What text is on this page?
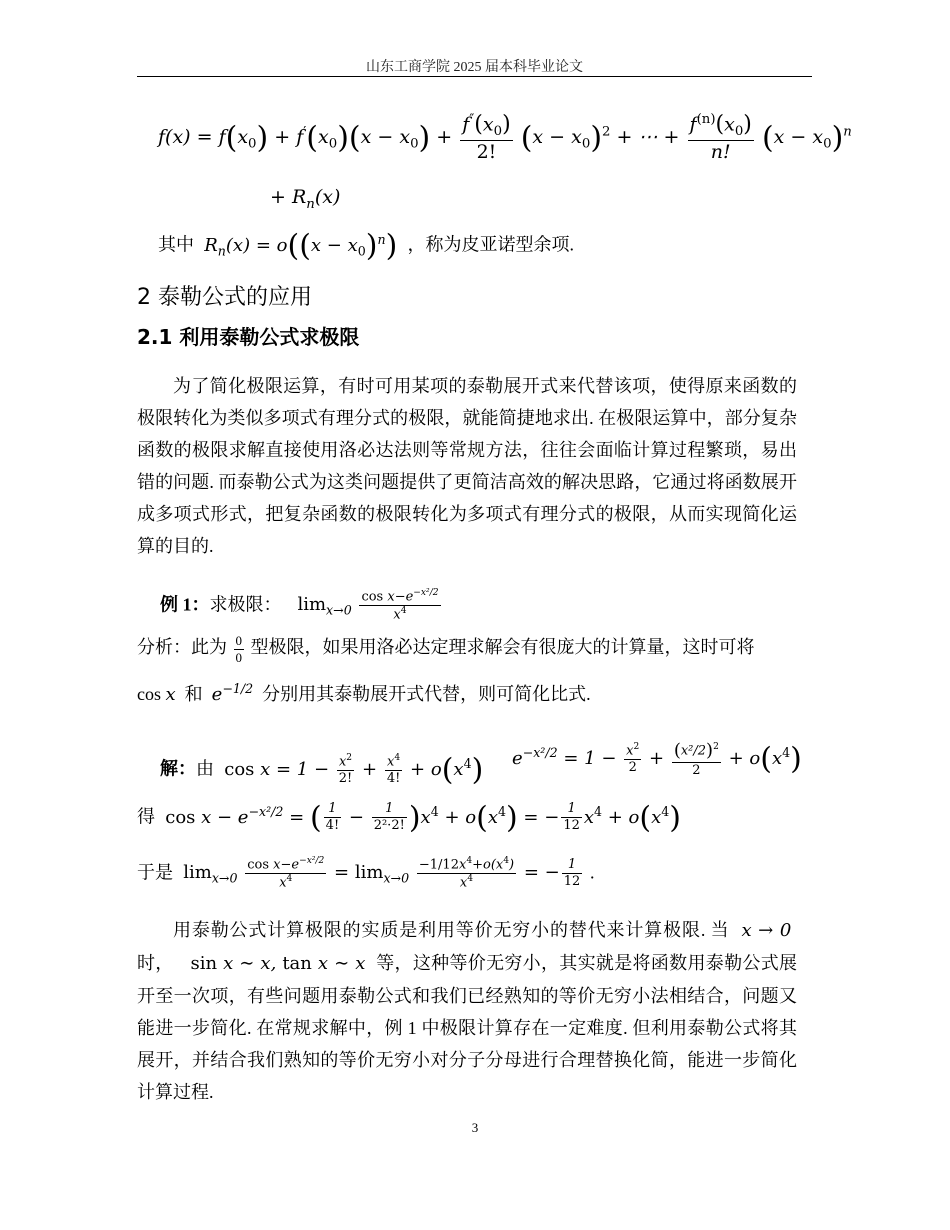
山东工商学院 2025 届本科毕业论文
$f(x) = f(x_0) + f'(x_0)(x - x_0) + \frac{f''(x_0)}{2!} (x - x_0)^2$ + ⋯ + $\frac{f^{(n)}(x_0)}{n!} (x - x_0)^n$
+ $R_n(x)$
其中  $R_n(x) = o((x - x_0)^n)$ ，称为皮亚诺型余项.
2 泰勒公式的应用
2.1 利用泰勒公式求极限
为了简化极限运算，有时可用某项的泰勒展开式来代替该项，使得原来函数的极限转化为类似多项式有理分式的极限，就能简捷地求出. 在极限运算中，部分复杂函数的极限求解直接使用洛必达法则等常规方法，往往会面临计算过程繁琐，易出错的问题. 而泰勒公式为这类问题提供了更简洁高效的解决思路，它通过将函数展开成多项式形式，把复杂函数的极限转化为多项式有理分式的极限，从而实现简化运算的目的.
例 1：求极限： $\lim_{x\to 0} \frac{\cos x-e^{-x^2/2}}{x^4}$
分析：此为 $\frac{0}{0}$ 型极限，如果用洛必达定理求解会有很庞大的计算量，这时可将
cos x 和 $e^{-1/2}$ 分别用其泰勒展开式代替，则可简化比式.
解：由 $\cos x = 1 - \frac{x^2}{2!} + \frac{x^4}{4!} + o(x^4) e^{-x^2/2} = 1 - \frac{x^2}{2} + \frac{(x^2/2)^2}{2} + o(x^4)$
得 $\cos x - e^{-x^2/2}$ = ( $\frac{1}{4!} - \frac{1}{\text{2²·2!}} )x^4 + o(x^4)$ = − $\frac{1}{12} x^4 + o(x^4)$
于是 $\lim_{x\to 0} \frac{\cos x-e^{-x^2/2}}{x^4} = \lim_{x\to 0} \frac{-1/12x^4+o(x^4)}{x^4}$ = − $\frac{1}{12}$ .
用泰勒公式计算极限的实质是利用等价无穷小的替代来计算极限. 当  x → 0  时， sin x ∼ x, tan x ∼ x  等，这种等价无穷小，其实就是将函数用泰勒公式展开至一次项，有些问题用泰勒公式和我们已经熟知的等价无穷小法相结合，问题又能进一步简化. 在常规求解中，例 1 中极限计算存在一定难度. 但利用泰勒公式将其展开，并结合我们熟知的等价无穷小对分子分母进行合理替换化简，能进一步简化计算过程.
3
